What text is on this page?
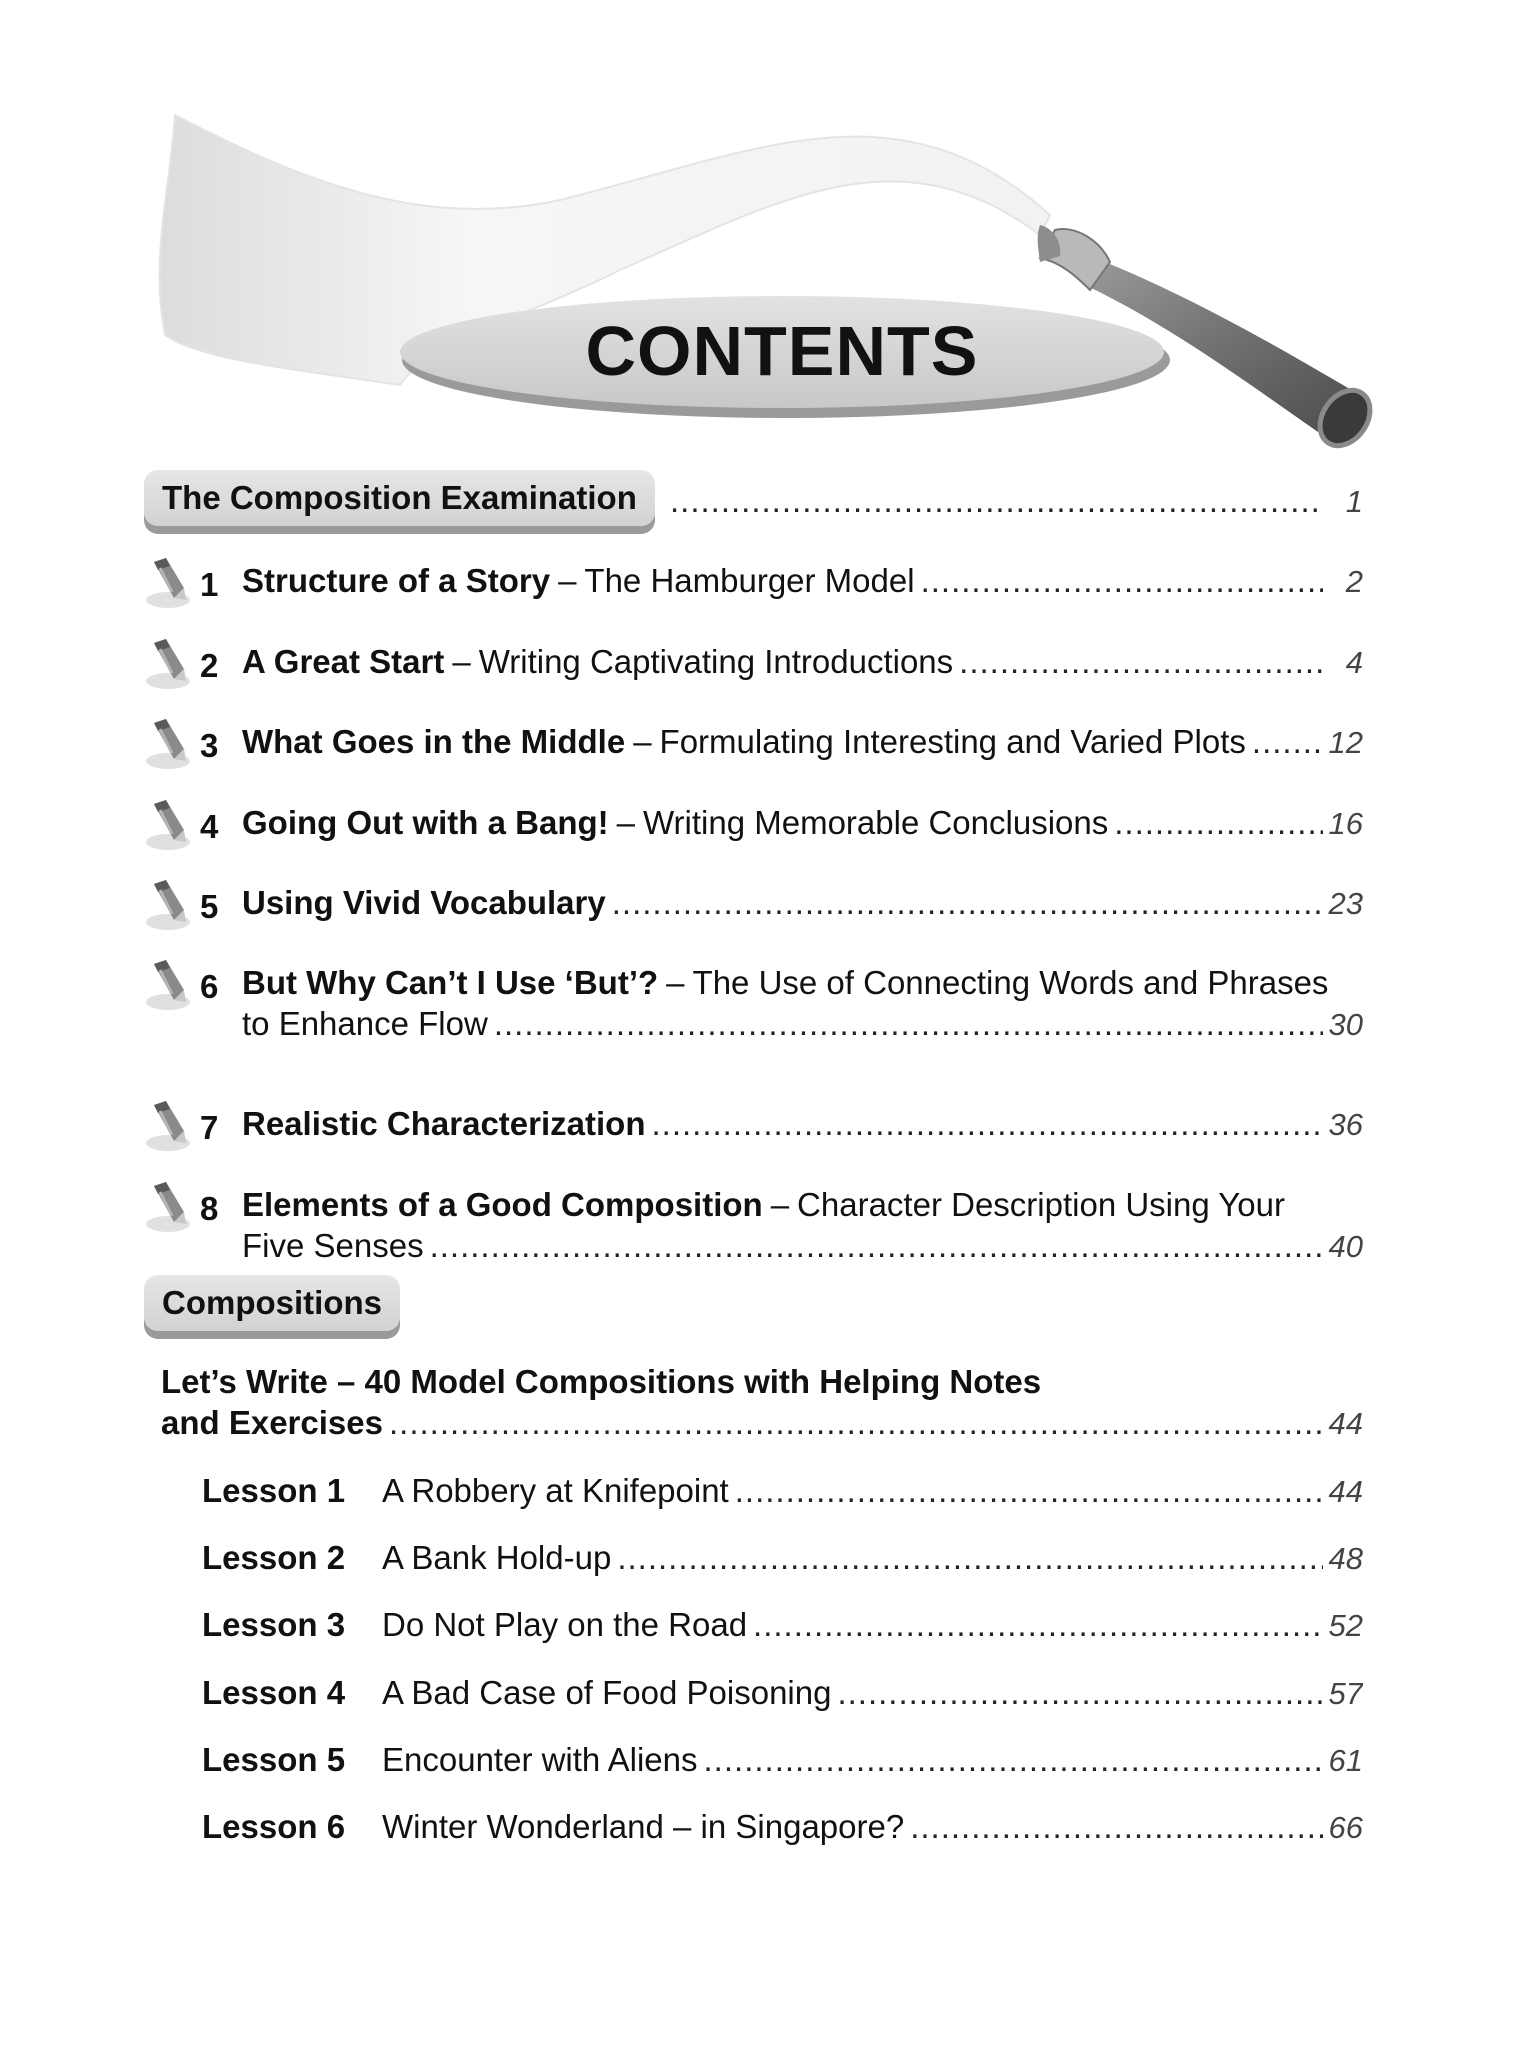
CONTENTS
The Composition Examination .....	1
1 Structure of a Story – The Hamburger Model .....	2
2 A Great Start – Writing Captivating Introductions .....	4
3 What Goes in the Middle – Formulating Interesting and Varied Plots .....	12
4 Going Out with a Bang! – Writing Memorable Conclusions .....	16
5 Using Vivid Vocabulary .....	23
6 But Why Can’t I Use ‘But’? – The Use of Connecting Words and Phrases
to Enhance Flow .....	30
7 Realistic Characterization .....	36
8 Elements of a Good Composition – Character Description Using Your
Five Senses .....	40
Compositions
Let’s Write – 40 Model Compositions with Helping Notes
and Exercises .....	44
Lesson 1	A Robbery at Knifepoint .....	44
Lesson 2	A Bank Hold-up .....	48
Lesson 3	Do Not Play on the Road .....	52
Lesson 4	A Bad Case of Food Poisoning .....	57
Lesson 5	Encounter with Aliens .....	61
Lesson 6	Winter Wonderland – in Singapore? .....	66
